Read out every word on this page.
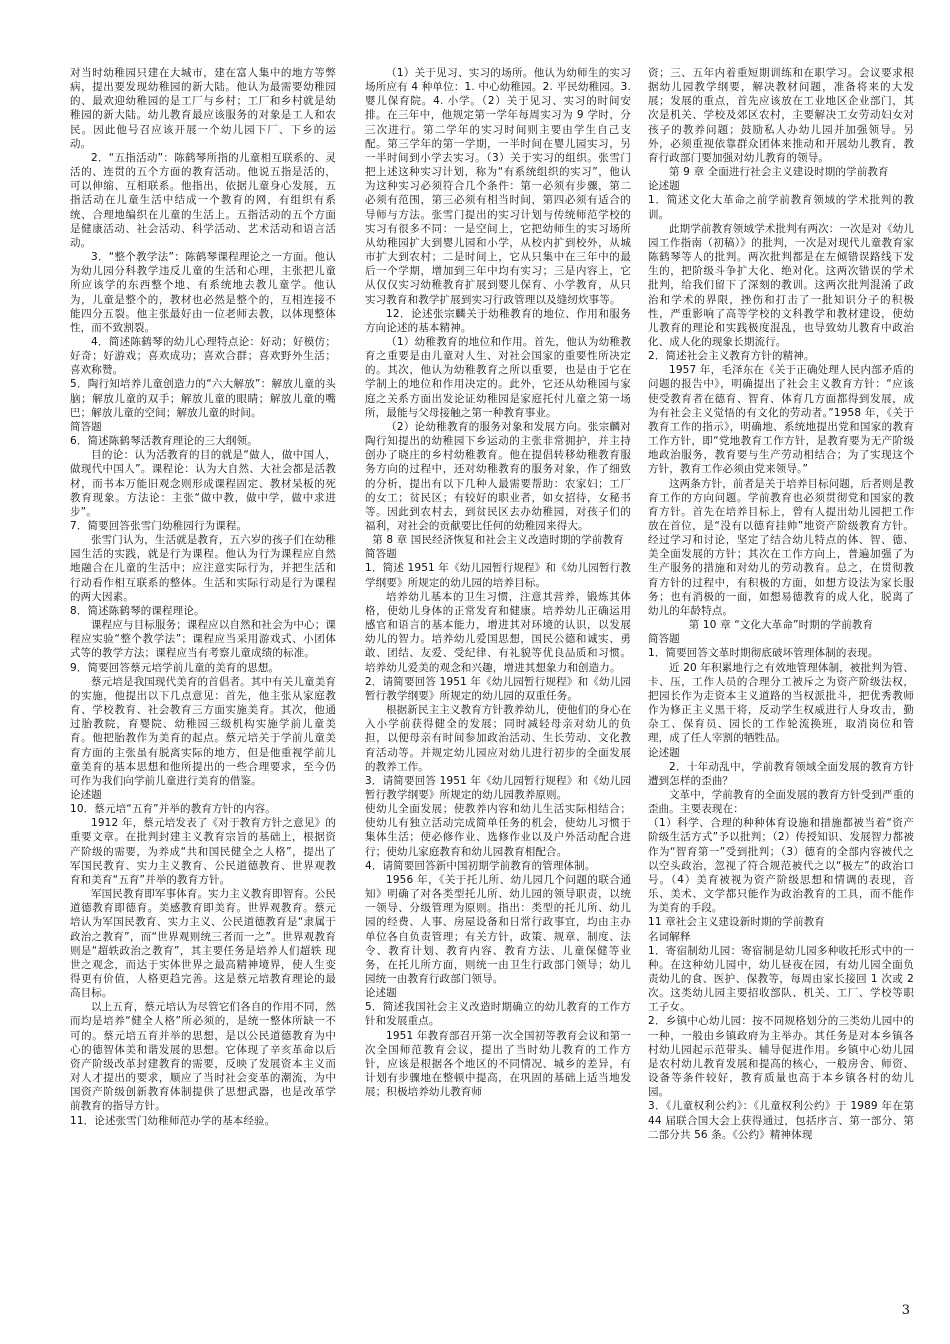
对当时幼稚园只建在大城市，建在富人集中的地方等弊病，提出要发现幼稚园的新大陆。他认为最需要幼稚园的、最欢迎幼稚园的是工厂与乡村；工厂和乡村就是幼稚园的新大陆。幼儿教育最应该服务的对象是工人和农民。因此他号召应该开展一个幼儿园下厂、下乡的运动。

2．“五指活动”：陈鹤琴所指的儿童相互联系的、灵活的、连贯的五个方面的教育活动。他说五指是活的，可以伸缩、互相联系。他指出，依据儿童身心发展，五指活动在儿童生活中结成一个教育的网，有组织有系统、合理地编织在儿童的生活上。五指活动的五个方面是健康活动、社会活动、科学活动、艺术活动和语言活动。

3．“整个教学法”：陈鹤琴课程理论之一方面。他认为幼儿园分科教学违反儿童的生活和心理，主张把儿童所应该学的东西整个地、有系统地去教儿童学。他认为，儿童是整个的，教材也必然是整个的，互相连接不能四分五裂。他主张最好由一位老师去教，以体现整体性，而不致割裂。

4．简述陈鹤琴的幼儿心理特点论：好动；好模仿；好奇；好游戏；喜欢成功；喜欢合群；喜欢野外生活；喜欢称赞。

5．陶行知培养儿童创造力的“六大解放”：解放儿童的头脑；解放儿童的双手；解放儿童的眼睛；解放儿童的嘴巴；解放儿童的空间；解放儿童的时间。

简答题

6．简述陈鹤琴活教育理论的三大纲领。

目的论：认为活教育的目的就是“做人，做中国人，做现代中国人”。课程论：认为大自然、大社会都是活教材，而书本万能旧观念则形成课程固定、教材呆板的死教育现象。方法论：主张“做中教，做中学，做中求进步”。

7．简要回答张雪门幼稚园行为课程。

张雪门认为，生活就是教育，五六岁的孩子们在幼稚园生活的实践，就是行为课程。他认为行为课程应自然地融合在儿童的生活中；应注意实际行为，并把生活和行动看作相互联系的整体。生活和实际行动是行为课程的两大因素。

8．简述陈鹤琴的课程理论。

课程应与目标服务；课程应以自然和社会为中心；课程应实验“整个教学法”；课程应当采用游戏式、小团体式等的教学方法；课程应当有考察儿童成绩的标准。

9．简要回答蔡元培学前儿童的美育的思想。

蔡元培是我国现代美育的首倡者。其中有关儿童美育的实施，他提出以下几点意见：首先，他主张从家庭教育、学校教育、社会教育三方面实施美育。其次，他通过胎教院，育婴院、幼稚园三级机构实施学前儿童美育。他把胎教作为美育的起点。蔡元培关于学前儿童美育方面的主张虽有脱离实际的地方，但是他重视学前儿童美育的基本思想和他所提出的一些合理要求，至今仍可作为我们向学前儿童进行美育的借鉴。

论述题

10．蔡元培“五育”并举的教育方针的内容。

1912 年，蔡元培发表了《对于教育方针之意见》的重要文章。在批判封建主义教育宗旨的基础上，根据资产阶级的需要，为养成“共和国民健全之人格”，提出了军国民教育、实力主义教育、公民道德教育、世界观教育和美育“五育”并举的教育方针。

军国民教育即军事体育。实力主义教育即智育。公民道德教育即德育。美感教育即美育。世界观教育。蔡元培认为军国民教育、实力主义、公民道德教育是“隶属于政治之教育”，而“世界观则统三者而一之”。世界观教育则是“超轶政治之教育”，其主要任务是培养人们超轶 现世之观念，而达于实体世界之最高精神境界，使人生变得更有价值，人格更趋完善。这是蔡元培教育理论的最高目标。

以上五育，蔡元培认为尽管它们各自的作用不同，然而均是培养“健全人格”所必须的，是统一整体所缺一不可的。蔡元培五育并举的思想，是以公民道德教育为中心的德智体美和谐发展的思想。它体现了辛亥革命以后资产阶级改革封建教育的需要，反映了发展资本主义而对人才提出的要求，顺应了当时社会变革的潮流，为中国资产阶级创新教育体制提供了思想武器，也是改革学前教育的指导方针。

11．论述张雪门幼稚师范办学的基本经验。

（1）关于见习、实习的场所。他认为幼师生的实习场所应有 4 种单位：1. 中心幼稚园。2. 平民幼稚园。3. 婴儿保育院。4. 小学。（2）关于见习、实习的时间安排。在三年中，他规定第一学年每周实习为 9 学时，分三次进行。第二学年的实习时间则主要由学生自己支配。第三学年的第一学期，一半时间在婴儿园实习，另一半时间到小学去实习。（3）关于实习的组织。张雪门把上述这种实习计划，称为“有系统组织的实习”，他认为这种实习必须符合几个条件：第一必须有步骤，第二必须有范围，第三必须有相当时间，第四必须有适合的导师与方法。张雪门提出的实习计划与传统师范学校的实习有很多不同：一是空间上，它把幼师生的实习场所从幼稚园扩大到婴儿园和小学，从校内扩到校外，从城市扩大到农村；二是时间上，它从只集中在三年中的最后一个学期，增加到三年中均有实习；三是内容上，它从仅仅实习幼稚教育扩展到婴儿保育、小学教育，从只实习教育和教学扩展到实习行政管理以及缝纫炊事等。

12．论述张宗麟关于幼稚教育的地位、作用和服务方向论述的基本精神。

（1）幼稚教育的地位和作用。首先，他认为幼稚教育之重要是由儿童对人生、对社会国家的重要性所决定的。其次，他认为幼稚教育之所以重要，也是由于它在学制上的地位和作用决定的。此外，它还从幼稚园与家庭之关系方面出发论证幼稚园是家庭托付儿童之第一场所，最能与父母接触之第一种教育事业。

（2）论幼稚教育的服务对象和发展方向。张宗麟对陶行知提出的幼稚园下乡运动的主张非常拥护，并主持创办了晓庄的乡村幼稚教育。他在提倡转移幼稚教育服务方向的过程中，还对幼稚教育的服务对象，作了细致的分析，提出有以下几种人最需要帮助：农家妇；工厂的女工；贫民区；有较好的职业者，如女招待，女秘书等。因此到农村去，到贫民区去办幼稚园，对孩子们的福利，对社会的贡献要比任何的幼稚园来得大。

第 8 章 国民经济恢复和社会主义改造时期的学前教育

简答题

1．简述 1951 年《幼儿园暂行规程》和《幼儿园暂行教学纲要》所规定的幼儿园的培养目标。

培养幼儿基本的卫生习惯，注意其营养，锻炼其体格，使幼儿身体的正常发育和健康。培养幼儿正确运用感官和语言的基本能力，增进其对环境的认识，以发展幼儿的智力。培养幼儿爱国思想，国民公德和诚实、勇敢、团结、友爱、受纪律、有礼貌等优良品质和习惯。培养幼儿爱美的观念和兴趣，增进其想象力和创造力。

2．请简要回答 1951 年《幼儿园暂行规程》和《幼儿园暂行教学纲要》所规定的幼儿园的双重任务。

根据新民主主义教育方针教养幼儿，使他们的身心在入小学前获得健全的发展；同时减轻母亲对幼儿的负担，以便母亲有时间参加政治活动、生长劳动、文化教育活动等。并规定幼儿园应对幼儿进行初步的全面发展的教养工作。

3．请简要回答 1951 年《幼儿园暂行规程》和《幼儿园暂行教学纲要》所规定的幼儿园教养原则。

使幼儿全面发展；使教养内容和幼儿生活实际相结合；使幼儿有独立活动完成简单任务的机会，使幼儿习惯于集体生活；使必修作业、选修作业以及户外活动配合进行；使幼儿家庭教育和幼儿园教育相配合。

4．请简要回答新中国初期学前教育的管理体制。

1956 年，《关于托儿所、幼儿园几个问题的联合通知》明确了对各类型托儿所、幼儿园的领导职责，以统一领导、分级管理为原则。指出：类型的托儿所、幼儿园的经费、人事、房屋设备和日常行政事宜，均由主办单位各自负责管理；有关方针，政策、规章、制度、法令、教育计划、教育内容、教育方法、儿童保健等业务，在托儿所方面，则统一由卫生行政部门领导；幼儿园统一由教育行政部门领导。

论述题

5．简述我国社会主义改造时期确立的幼儿教育的工作方针和发展重点。

1951 年教育部召开第一次全国初等教育会议和第一次全国师范教育会议，提出了当时幼儿教育的工作方针，应该是根据各个地区的不同情况、城乡的差异，有计划有步骤地在整顿中提高，在巩固的基础上适当地发展；积极培养幼儿教育师

资；三、五年内着重短期训练和在职学习。会议要求根据幼儿园教学纲要，解决教材问题，准备将来的大发展；发展的重点，首先应该放在工业地区企业部门，其次是机关、学校及郊区农村，主要解决工女劳动妇女对孩子的教养问题；鼓励私人办幼儿园并加强领导。另外，必须重视依靠群众团体来推动和开展幼儿教育，教育行政部门要加强对幼儿教育的领导。

第 9 章 全面进行社会主义建设时期的学前教育

论述题

1．简述文化大革命之前学前教育领域的学术批判的教训。

此期学前教育领域学术批判有两次：一次是对《幼儿园工作指南（初稿）》的批判，一次是对现代儿童教育家陈鹤琴等人的批判。两次批判都是在左倾错误路线下发生的，把阶级斗争扩大化、绝对化。这两次错误的学术批判，给我们留下了深刻的教训。这两次批判混淆了政治和学术的界限，挫伤和打击了一批知识分子的积极性，严重影响了高等学校的文科教学和教材建设，使幼儿教育的理论和实践极度混乱，也导致幼儿教育中政治化、成人化的现象长期流行。

2．简述社会主义教育方针的精神。

1957 年，毛泽东在《关于正确处理人民内部矛盾的问题的报告中》，明确提出了社会主义教育方针：“应该使受教育者在德育、智育、体育几方面都得到发展，成为有社会主义觉悟的有文化的劳动者。”1958 年，《关于教育工作的指示》，明确地、系统地提出党和国家的教育工作方针，即“党地教育工作方针，是教育要为无产阶级地政治服务，教育要与生产劳动相结合；为了实现这个方针，教育工作必须由党来领导。”

这两条方针，前者是关于培养目标问题，后者则是教育工作的方向问题。学前教育也必须贯彻党和国家的教育方针。首先在培养目标上，曾有人提出幼儿园把工作放在首位，是“没有以德育挂帅”地资产阶级教育方针。经过学习和讨论，坚定了结合幼儿特点的体、智、德、美全面发展的方针；其次在工作方向上，普遍加强了为生产服务的措施和对幼儿的劳动教育。总之，在贯彻教育方针的过程中，有积极的方面，如想方设法为家长服务；也有消极的一面，如想易德教育的成人化，脱离了幼儿的年龄特点。

第 10 章 “文化大革命”时期的学前教育

简答题

1．简要回答文革时期彻底破坏管理体制的表现。

近 20 年积累地行之有效地管理体制，被批判为管、卡、压，工作人员的合理分工被斥之为资产阶级法权，把园长作为走资本主义道路的当权派批斗，把优秀教师作为修正主义黑干将，反动学生权威进行人身攻击，勤杂工、保育员、园长的工作轮流换班，取消岗位和管理，成了任人宰割的牺牲品。

论述题

2．十年动乱中，学前教育领域全面发展的教育方针遭到怎样的歪曲？

文革中，学前教育的全面发展的教育方针受到严重的歪曲。主要表现在：

（1）科学、合理的种种体育设施和措施都被当着“资产阶级生活方式”予以批判；（2）传授知识、发展智力都被作为“智育第一”受到批判；（3）德育的全部内容被代之以空头政治，忽视了符合规范被代之以“极左”的政治口号。（4）美育被视为资产阶级思想和情调的表现，音乐、美术、文学都只能作为政治教育的工具，而不能作为美育的手段。

11 章社会主义建设新时期的学前教育

名词解释

1．寄宿制幼儿园：寄宿制是幼儿园多种收托形式中的一种。在这种幼儿园中，幼儿昼夜在园，有幼儿园全面负责幼儿的食、医护、保教等，每周由家长接回 1 次或 2 次。这类幼儿园主要招收部队、机关、工厂、学校等职工子女。

2．乡镇中心幼儿园：按不同规格划分的三类幼儿园中的一种，一般由乡镇政府为主举办。其任务是对本乡镇各村幼儿园起示范带头、辅导促进作用。乡镇中心幼儿园是农村幼儿教育发展和提高的核心，一般房舍、师资、设备等条件较好，教育质量也高于本乡镇各村的幼儿园。

3．《儿童权利公约》：《儿童权利公约》于 1989 年在第 44 届联合国大会上获得通过，包括序言、第一部分、第二部分共 56 条。《公约》精神体现

3
